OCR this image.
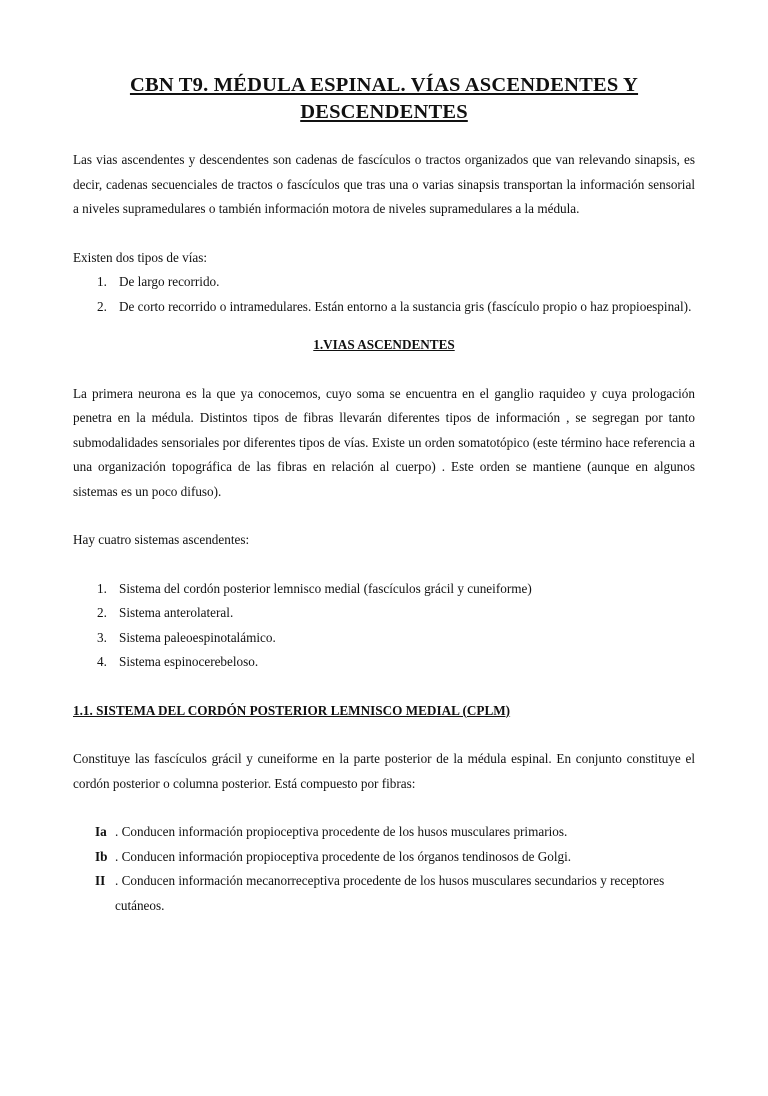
CBN T9. MÉDULA ESPINAL. VÍAS ASCENDENTES Y
DESCENDENTES

Las vias ascendentes y descendentes son cadenas de fascículos o tractos organizados que van relevando sinapsis, es decir, cadenas secuenciales de tractos o fascículos que tras una o varias sinapsis transportan la información sensorial a niveles supramedulares o también información motora de niveles supramedulares a la médula.

Existen dos tipos de vías:

1. De largo recorrido.
2. De corto recorrido o intramedulares. Están entorno a la sustancia gris (fascículo propio o haz propioespinal).
1.VIAS ASCENDENTES

La primera neurona es la que ya conocemos, cuyo soma se encuentra en el ganglio raquideo y cuya prologación penetra en la médula. Distintos tipos de fibras llevarán diferentes tipos de información , se segregan por tanto submodalidades sensoriales por diferentes tipos de vías. Existe un orden somatotópico (este término hace referencia a una organización topográfica de las fibras en relación al cuerpo) . Este orden se mantiene (aunque en algunos sistemas es un poco difuso).

Hay cuatro sistemas ascendentes:

1. Sistema del cordón posterior lemnisco medial (fascículos grácil y cuneiforme)
2. Sistema anterolateral.
3. Sistema paleoespinotalámico.
4. Sistema espinocerebeloso.
1.1. SISTEMA DEL CORDÓN POSTERIOR LEMNISCO MEDIAL (CPLM)

Constituye las fascículos grácil y cuneiforme en la parte posterior de la médula espinal. En conjunto constituye el cordón posterior o columna posterior. Está compuesto por fibras:

Ia . Conducen información propioceptiva procedente de los husos musculares primarios.
Ib . Conducen información propioceptiva procedente de los órganos tendinosos de Golgi.
II . Conducen información mecanorreceptiva procedente de los husos musculares secundarios y receptores cutáneos.
